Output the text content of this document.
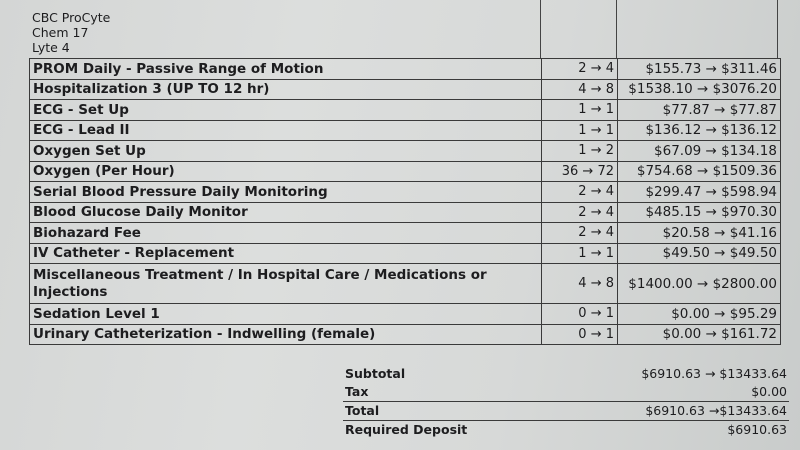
CBC ProCyte
Chem 17
Lyte 4
PROM Daily - Passive Range of Motion	2 → 4	$155.73 → $311.46
Hospitalization 3 (UP TO 12 hr)	4 → 8	$1538.10 → $3076.20
ECG - Set Up	1 → 1	$77.87 → $77.87
ECG - Lead II	1 → 1	$136.12 → $136.12
Oxygen Set Up	1 → 2	$67.09 → $134.18
Oxygen (Per Hour)	36 → 72	$754.68 → $1509.36
Serial Blood Pressure Daily Monitoring	2 → 4	$299.47 → $598.94
Blood Glucose Daily Monitor	2 → 4	$485.15 → $970.30
Biohazard Fee	2 → 4	$20.58 → $41.16
IV Catheter - Replacement	1 → 1	$49.50 → $49.50
Miscellaneous Treatment / In Hospital Care / Medications or Injections	4 → 8	$1400.00 → $2800.00
Sedation Level 1	0 → 1	$0.00 → $95.29
Urinary Catheterization - Indwelling (female)	0 → 1	$0.00 → $161.72
Subtotal	$6910.63 → $13433.64
Tax	$0.00
Total	$6910.63 →$13433.64
Required Deposit	$6910.63
